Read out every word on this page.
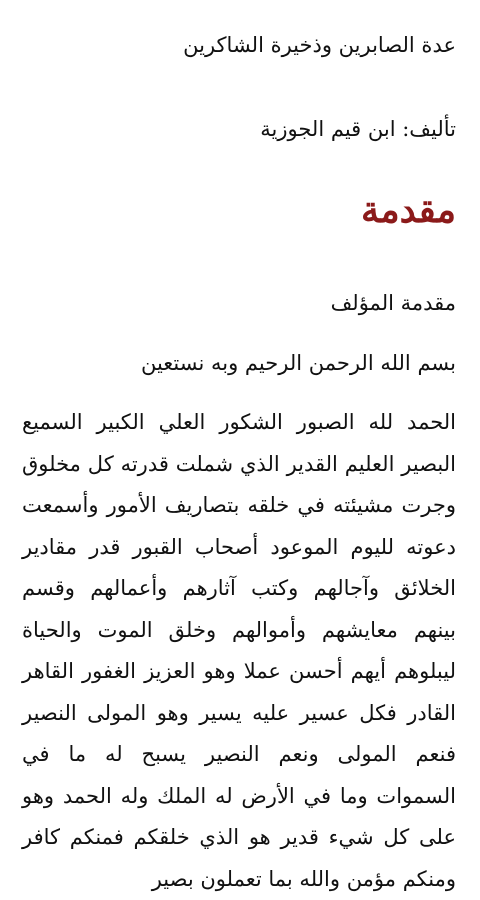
عدة الصابرين وذخيرة الشاكرين

تأليف: ابن قيم الجوزية

مقدمة

مقدمة المؤلف

بسم الله الرحمن الرحيم وبه نستعين

الحمد لله الصبور الشكور العلي الكبير السميع البصير العليم القدير الذي شملت قدرته كل مخلوق وجرت مشيئته في خلقه بتصاريف الأمور وأسمعت دعوته لليوم الموعود أصحاب القبور قدر مقادير الخلائق وآجالهم وكتب آثارهم وأعمالهم وقسم بينهم معايشهم وأموالهم وخلق الموت والحياة ليبلوهم أيهم أحسن عملا وهو العزيز الغفور القاهر القادر فكل عسير عليه يسير وهو المولى النصير فنعم المولى ونعم النصير يسبح له ما في السموات وما في الأرض له الملك وله الحمد وهو على كل شيء قدير هو الذي خلقكم فمنكم كافر ومنكم مؤمن والله بما تعملون بصير
